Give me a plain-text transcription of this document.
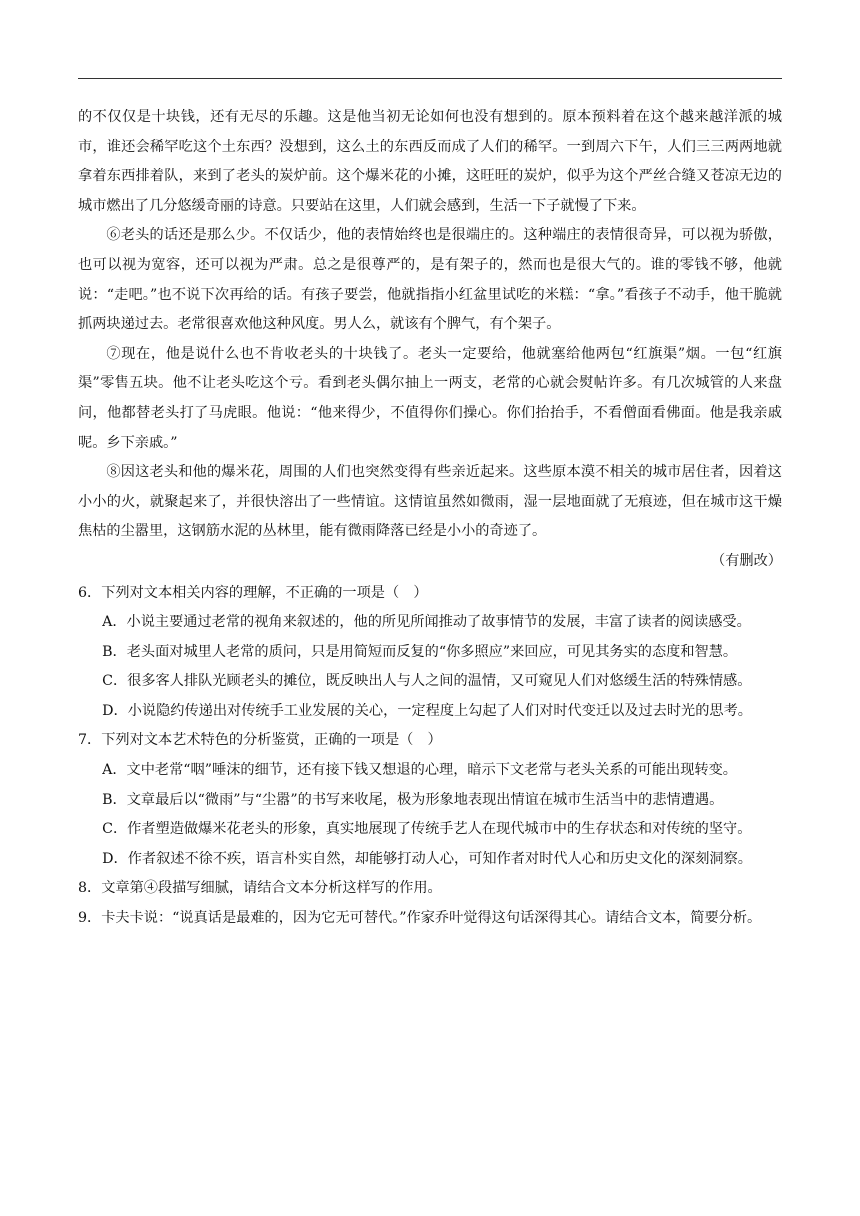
的不仅仅是十块钱，还有无尽的乐趣。这是他当初无论如何也没有想到的。原本预料着在这个越来越洋派的城市，谁还会稀罕吃这个土东西？没想到，这么土的东西反而成了人们的稀罕。一到周六下午，人们三三两两地就拿着东西排着队，来到了老头的炭炉前。这个爆米花的小摊，这旺旺的炭炉，似乎为这个严丝合缝又苍凉无边的城市燃出了几分悠缓奇丽的诗意。只要站在这里，人们就会感到，生活一下子就慢了下来。

⑥老头的话还是那么少。不仅话少，他的表情始终也是很端庄的。这种端庄的表情很奇异，可以视为骄傲，也可以视为宽容，还可以视为严肃。总之是很尊严的，是有架子的，然而也是很大气的。谁的零钱不够，他就说：“走吧。”也不说下次再给的话。有孩子要尝，他就指指小红盆里试吃的米糕：“拿。”看孩子不动手，他干脆就抓两块递过去。老常很喜欢他这种风度。男人么，就该有个脾气，有个架子。

⑦现在，他是说什么也不肯收老头的十块钱了。老头一定要给，他就塞给他两包“红旗渠”烟。一包“红旗渠”零售五块。他不让老头吃这个亏。看到老头偶尔抽上一两支，老常的心就会熨帖许多。有几次城管的人来盘问，他都替老头打了马虎眼。他说：“他来得少，不值得你们操心。你们抬抬手，不看僧面看佛面。他是我亲戚呢。乡下亲戚。”

⑧因这老头和他的爆米花，周围的人们也突然变得有些亲近起来。这些原本漠不相关的城市居住者，因着这小小的火，就聚起来了，并很快溶出了一些情谊。这情谊虽然如微雨，湿一层地面就了无痕迹，但在城市这干燥焦枯的尘嚣里，这钢筋水泥的丛林里，能有微雨降落已经是小小的奇迹了。

（有删改）

6．下列对文本相关内容的理解，不正确的一项是（　）

A．小说主要通过老常的视角来叙述的，他的所见所闻推动了故事情节的发展，丰富了读者的阅读感受。

B．老头面对城里人老常的质问，只是用简短而反复的“你多照应”来回应，可见其务实的态度和智慧。

C．很多客人排队光顾老头的摊位，既反映出人与人之间的温情，又可窥见人们对悠缓生活的特殊情感。

D．小说隐约传递出对传统手工业发展的关心，一定程度上勾起了人们对时代变迁以及过去时光的思考。

7．下列对文本艺术特色的分析鉴赏，正确的一项是（　）

A．文中老常“咽”唾沫的细节，还有接下钱又想退的心理，暗示下文老常与老头关系的可能出现转变。

B．文章最后以“微雨”与“尘嚣”的书写来收尾，极为形象地表现出情谊在城市生活当中的悲情遭遇。

C．作者塑造做爆米花老头的形象，真实地展现了传统手艺人在现代城市中的生存状态和对传统的坚守。

D．作者叙述不徐不疾，语言朴实自然，却能够打动人心，可知作者对时代人心和历史文化的深刻洞察。

8．文章第④段描写细腻，请结合文本分析这样写的作用。

9．卡夫卡说：“说真话是最难的，因为它无可替代。”作家乔叶觉得这句话深得其心。请结合文本，简要分析。
